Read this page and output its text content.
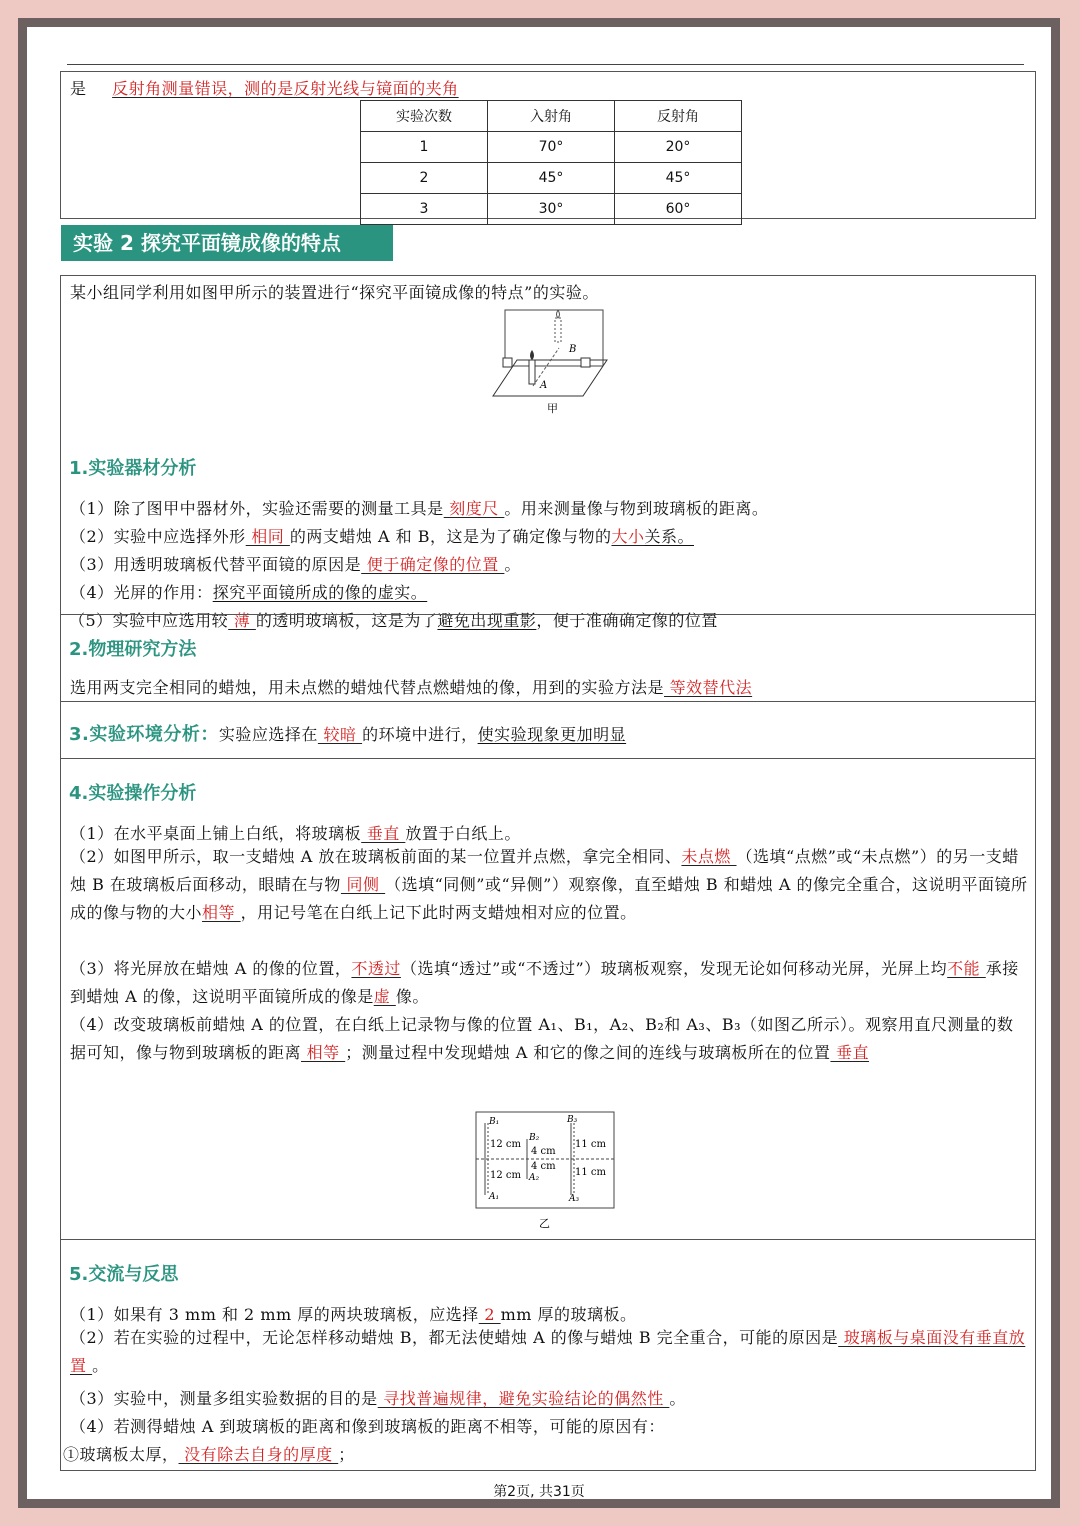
是 反射角测量错误，测的是反射光线与镜面的夹角
实验次数	入射角	反射角
1	70°	20°
2	45°	45°
3	30°	60°
实验 2 探究平面镜成像的特点
某小组同学利用如图甲所示的装置进行“探究平面镜成像的特点”的实验。
A
B
甲
1.实验器材分析
（1）除了图甲中器材外，实验还需要的测量工具是 刻度尺 。用来测量像与物到玻璃板的距离。
（2）实验中应选择外形 相同 的两支蜡烛 A 和 B，这是为了确定像与物的大小关系。
（3）用透明玻璃板代替平面镜的原因是 便于确定像的位置 。
（4）光屏的作用：探究平面镜所成的像的虚实。
（5）实验中应选用较 薄 的透明玻璃板，这是为了避免出现重影，便于准确确定像的位置
2.物理研究方法
选用两支完全相同的蜡烛，用未点燃的蜡烛代替点燃蜡烛的像，用到的实验方法是 等效替代法
3.实验环境分析：实验应选择在 较暗 的环境中进行，使实验现象更加明显
4.实验操作分析
（1）在水平桌面上铺上白纸，将玻璃板 垂直 放置于白纸上。
（2）如图甲所示，取一支蜡烛 A 放在玻璃板前面的某一位置并点燃，拿完全相同、未点燃 （选填“点燃”或“未点燃”）的另一支蜡烛 B 在玻璃板后面移动，眼睛在与物 同侧 （选填“同侧”或“异侧”）观察像，直至蜡烛 B 和蜡烛 A 的像完全重合，这说明平面镜所成的像与物的大小相等 ，用记号笔在白纸上记下此时两支蜡烛相对应的位置。
（3）将光屏放在蜡烛 A 的像的位置，不透过（选填“透过”或“不透过”）玻璃板观察，发现无论如何移动光屏，光屏上均不能 承接到蜡烛 A 的像，这说明平面镜所成的像是虚 像。
（4）改变玻璃板前蜡烛 A 的位置，在白纸上记录物与像的位置 A₁、B₁，A₂、B₂和 A₃、B₃（如图乙所示）。观察用直尺测量的数据可知，像与物到玻璃板的距离 相等 ；测量过程中发现蜡烛 A 和它的像之间的连线与玻璃板所在的位置 垂直
B₁
12 cm
12 cm
A₁
B₂
4 cm
4 cm
A₂
B₃
11 cm
11 cm
A₃
乙
5.交流与反思
（1）如果有 3 mm 和 2 mm 厚的两块玻璃板，应选择 2 mm 厚的玻璃板。
（2）若在实验的过程中，无论怎样移动蜡烛 B，都无法使蜡烛 A 的像与蜡烛 B 完全重合，可能的原因是 玻璃板与桌面没有垂直放置 。
（3）实验中，测量多组实验数据的目的是 寻找普遍规律，避免实验结论的偶然性 。
（4）若测得蜡烛 A 到玻璃板的距离和像到玻璃板的距离不相等，可能的原因有：
①玻璃板太厚， 没有除去自身的厚度 ；
第2页, 共31页
